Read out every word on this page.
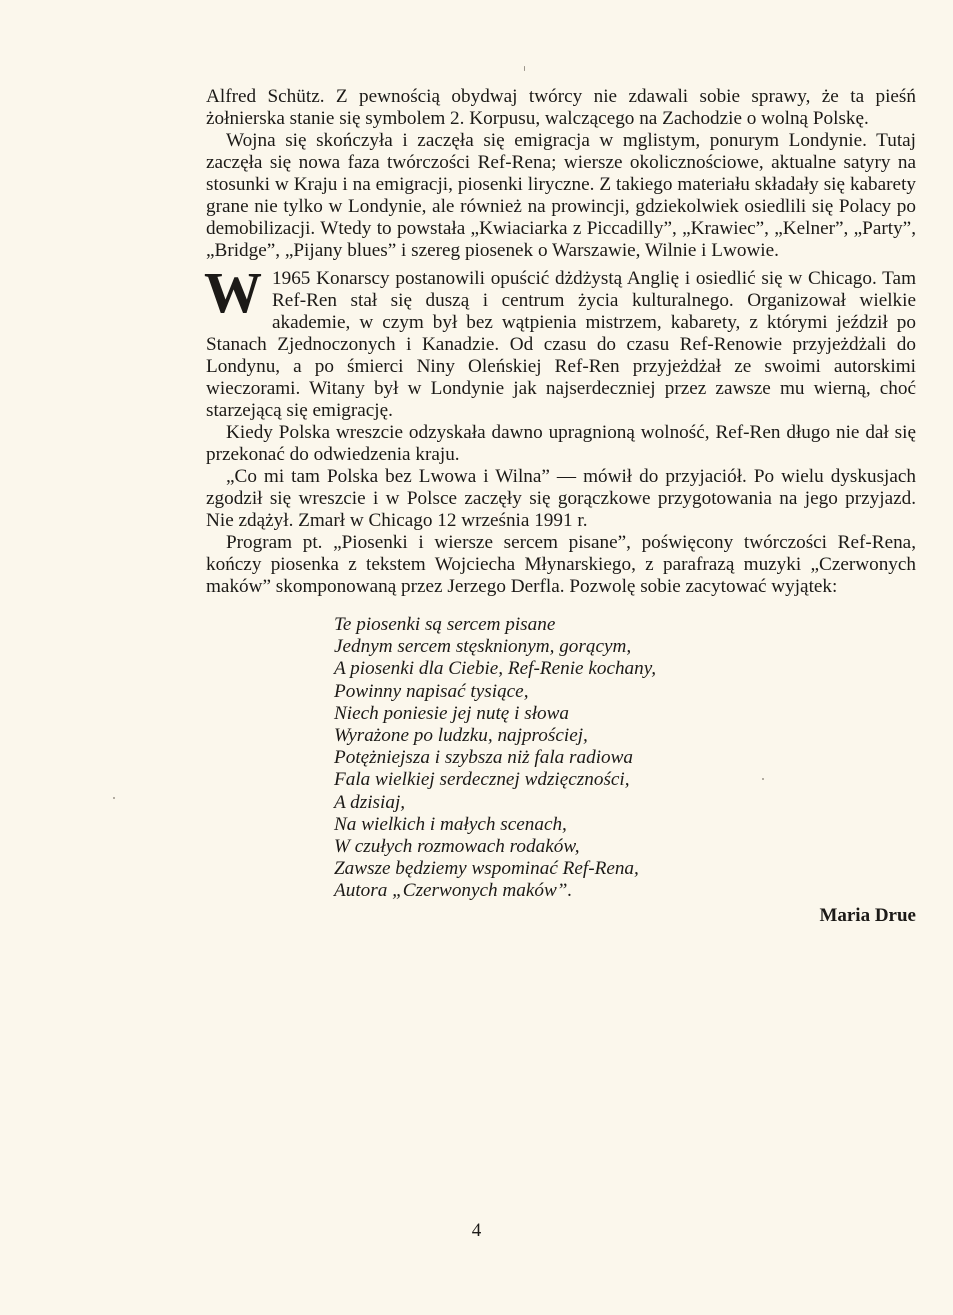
Alfred Schütz. Z pewnością obydwaj twórcy nie zdawali sobie sprawy, że ta pieśń żołnierska stanie się symbolem 2. Korpusu, walczącego na Zachodzie o wolną Polskę.

Wojna się skończyła i zaczęła się emigracja w mglistym, ponurym Londynie. Tutaj zaczęła się nowa faza twórczości Ref-Rena; wiersze okolicznościowe, aktualne satyry na stosunki w Kraju i na emigracji, piosenki liryczne. Z takiego materiału składały się kabarety grane nie tylko w Londynie, ale również na prowincji, gdziekolwiek osiedlili się Polacy po demobilizacji. Wtedy to powstała „Kwiaciarka z Piccadilly”, „Krawiec”, „Kelner”, „Party”, „Bridge”, „Pijany blues” i szereg piosenek o Warszawie, Wilnie i Lwowie.

W 1965 Konarscy postanowili opuścić dżdżystą Anglię i osiedlić się w Chicago. Tam Ref-Ren stał się duszą i centrum życia kulturalnego. Organizował wielkie akademie, w czym był bez wątpienia mistrzem, kabarety, z którymi jeździł po Stanach Zjednoczonych i Kanadzie. Od czasu do czasu Ref-Renowie przyjeżdżali do Londynu, a po śmierci Niny Oleńskiej Ref-Ren przyjeżdżał ze swoimi autorskimi wieczorami. Witany był w Londynie jak najserdeczniej przez zawsze mu wierną, choć starzejącą się emigrację.

Kiedy Polska wreszcie odzyskała dawno upragnioną wolność, Ref-Ren długo nie dał się przekonać do odwiedzenia kraju.

„Co mi tam Polska bez Lwowa i Wilna” — mówił do przyjaciół. Po wielu dyskusjach zgodził się wreszcie i w Polsce zaczęły się gorączkowe przygotowania na jego przyjazd. Nie zdążył. Zmarł w Chicago 12 września 1991 r.

Program pt. „Piosenki i wiersze sercem pisane”, poświęcony twórczości Ref-Rena, kończy piosenka z tekstem Wojciecha Młynarskiego, z parafrazą muzyki „Czerwonych maków” skomponowaną przez Jerzego Derfla. Pozwolę sobie zacytować wyjątek:

Te piosenki są sercem pisane
Jednym sercem stęsknionym, gorącym,
A piosenki dla Ciebie, Ref-Renie kochany,
Powinny napisać tysiące,
Niech poniesie jej nutę i słowa
Wyrażone po ludzku, najprościej,
Potężniejsza i szybsza niż fala radiowa
Fala wielkiej serdecznej wdzięczności,
A dzisiaj,
Na wielkich i małych scenach,
W czułych rozmowach rodaków,
Zawsze będziemy wspominać Ref-Rena,
Autora „Czerwonych maków”.
Maria Drue
4
